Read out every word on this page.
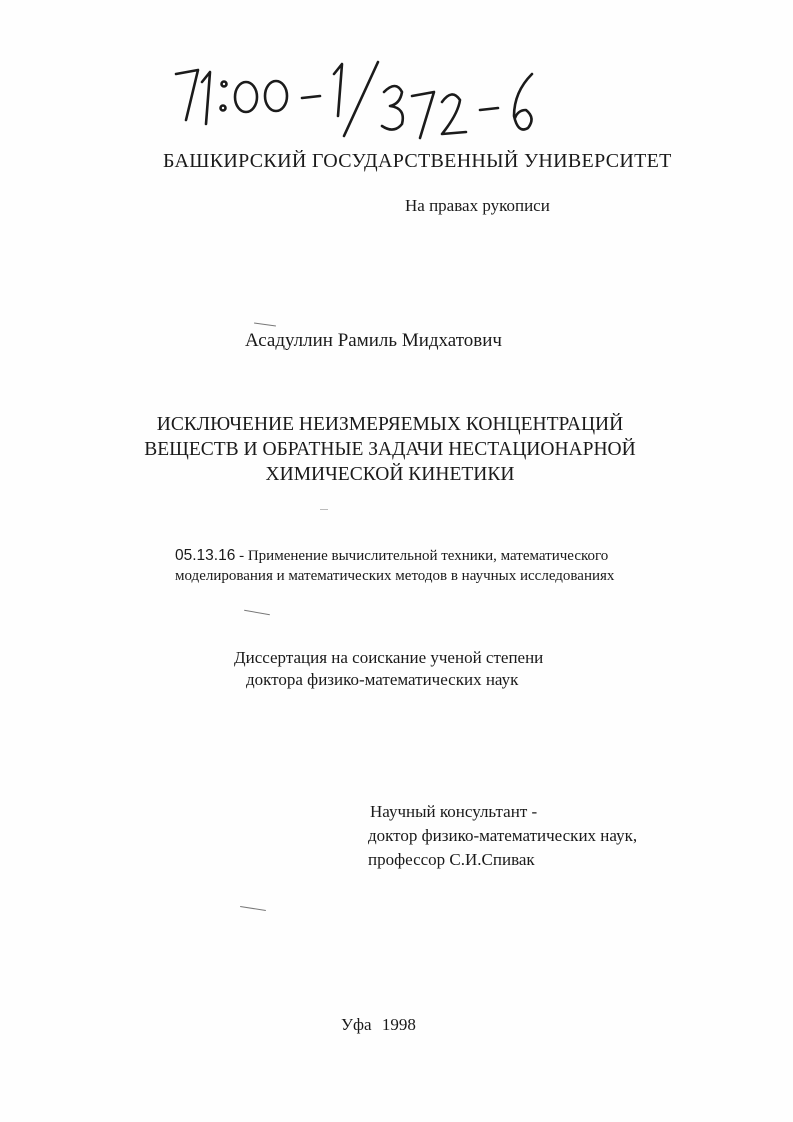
БАШКИРСКИЙ ГОСУДАРСТВЕННЫЙ УНИВЕРСИТЕТ
На правах рукописи
Асадуллин Рамиль Мидхатович
ИСКЛЮЧЕНИЕ НЕИЗМЕРЯЕМЫХ КОНЦЕНТРАЦИЙ
ВЕЩЕСТВ И ОБРАТНЫЕ ЗАДАЧИ НЕСТАЦИОНАРНОЙ
ХИМИЧЕСКОЙ КИНЕТИКИ
05.13.16 - Применение вычислительной техники, математического
моделирования и математических методов в научных исследованиях
Диссертация на соискание ученой степени
доктора физико-математических наук
Научный консультант -
доктор физико-математических наук,
профессор С.И.Спивак
Уфа 1998
